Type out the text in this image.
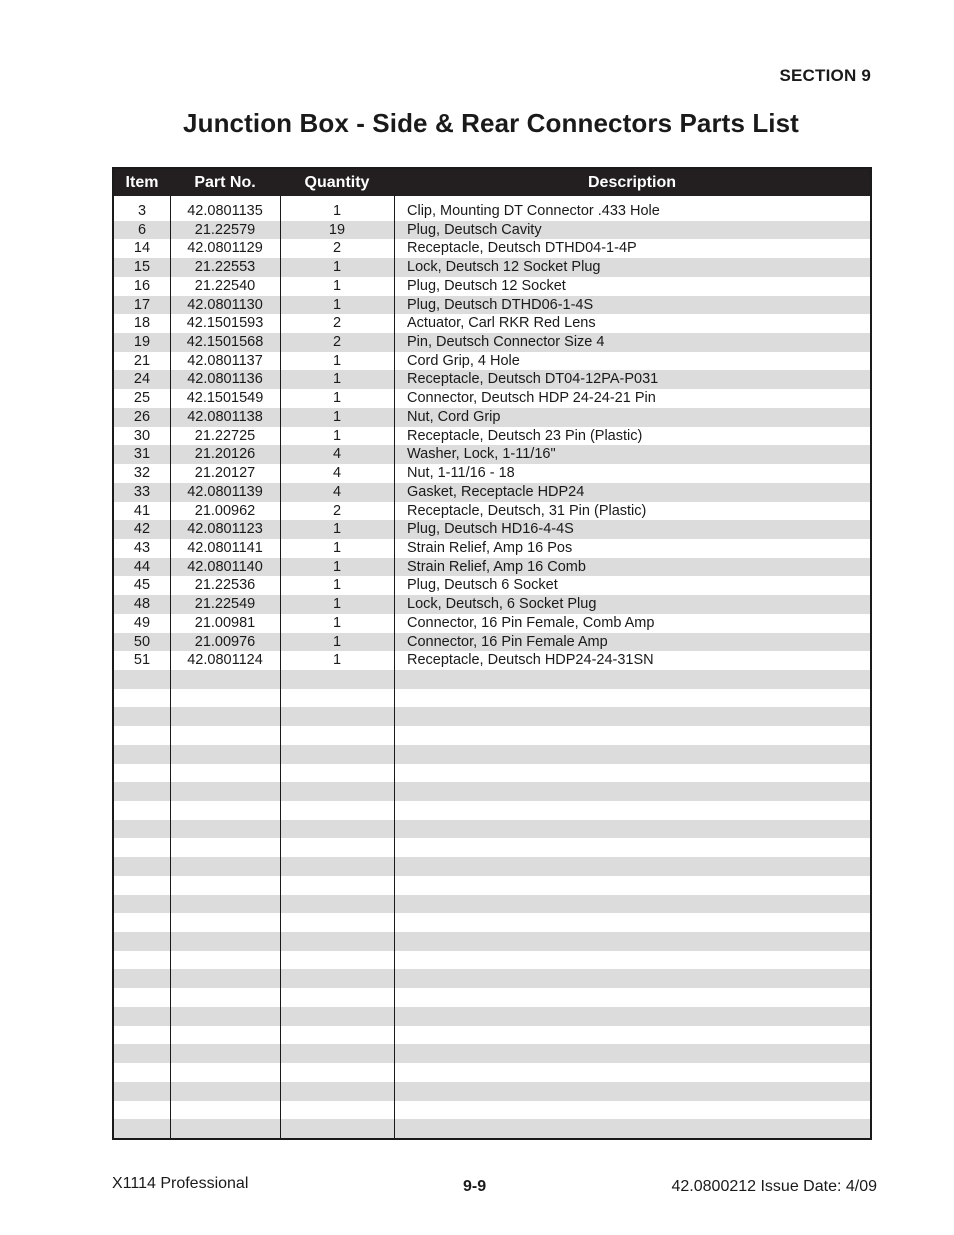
SECTION 9
Junction Box - Side & Rear Connectors Parts List
Item	Part No.	Quantity	Description
3	42.0801135	1	Clip, Mounting DT Connector .433 Hole
6	21.22579	19	Plug, Deutsch Cavity
14	42.0801129	2	Receptacle, Deutsch DTHD04-1-4P
15	21.22553	1	Lock, Deutsch 12 Socket Plug
16	21.22540	1	Plug, Deutsch 12 Socket
17	42.0801130	1	Plug, Deutsch DTHD06-1-4S
18	42.1501593	2	Actuator, Carl RKR Red Lens
19	42.1501568	2	Pin, Deutsch Connector Size 4
21	42.0801137	1	Cord Grip, 4 Hole
24	42.0801136	1	Receptacle, Deutsch DT04-12PA-P031
25	42.1501549	1	Connector, Deutsch HDP 24-24-21 Pin
26	42.0801138	1	Nut, Cord Grip
30	21.22725	1	Receptacle, Deutsch 23 Pin (Plastic)
31	21.20126	4	Washer, Lock, 1-11/16"
32	21.20127	4	Nut, 1-11/16 - 18
33	42.0801139	4	Gasket, Receptacle HDP24
41	21.00962	2	Receptacle, Deutsch, 31 Pin (Plastic)
42	42.0801123	1	Plug, Deutsch HD16-4-4S
43	42.0801141	1	Strain Relief, Amp 16 Pos
44	42.0801140	1	Strain Relief, Amp 16 Comb
45	21.22536	1	Plug, Deutsch 6 Socket
48	21.22549	1	Lock, Deutsch, 6 Socket Plug
49	21.00981	1	Connector, 16 Pin Female, Comb Amp
50	21.00976	1	Connector, 16 Pin Female Amp
51	42.0801124	1	Receptacle, Deutsch HDP24-24-31SN
X1114 Professional	9-9	42.0800212 Issue Date: 4/09
